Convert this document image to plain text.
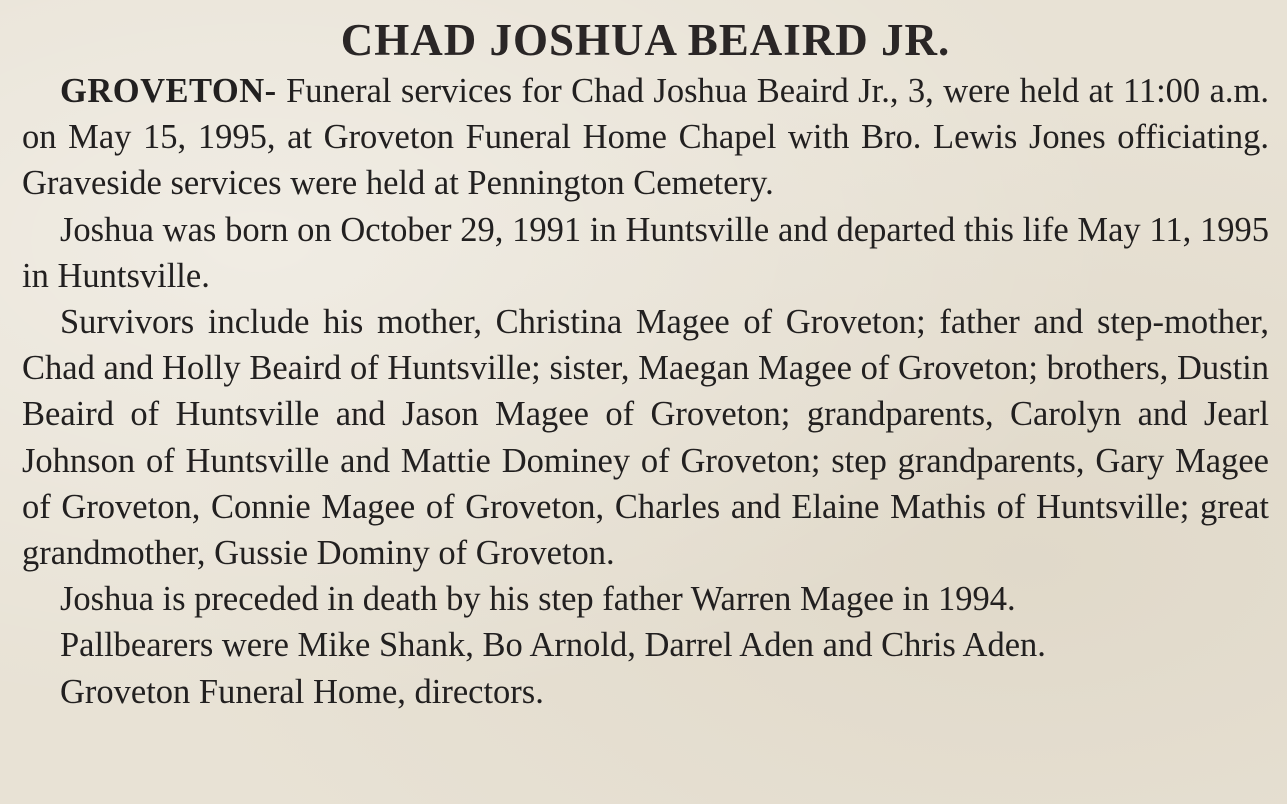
CHAD JOSHUA BEAIRD JR.

GROVETON- Funeral services for Chad Joshua Beaird Jr., 3, were held at 11:00 a.m. on May 15, 1995, at Groveton Funeral Home Chapel with Bro. Lewis Jones officiating. Graveside services were held at Pennington Cemetery.

Joshua was born on October 29, 1991 in Huntsville and departed this life May 11, 1995 in Huntsville.

Survivors include his mother, Christina Magee of Groveton; father and step-mother, Chad and Holly Beaird of Huntsville; sister, Maegan Magee of Groveton; brothers, Dustin Beaird of Huntsville and Jason Magee of Groveton; grandparents, Carolyn and Jearl Johnson of Huntsville and Mattie Dominey of Groveton; step grandparents, Gary Magee of Groveton, Connie Magee of Groveton, Charles and Elaine Mathis of Huntsville; great grandmother, Gussie Dominy of Groveton.

Joshua is preceded in death by his step father Warren Magee in 1994.

Pallbearers were Mike Shank, Bo Arnold, Darrel Aden and Chris Aden.

Groveton Funeral Home, directors.
